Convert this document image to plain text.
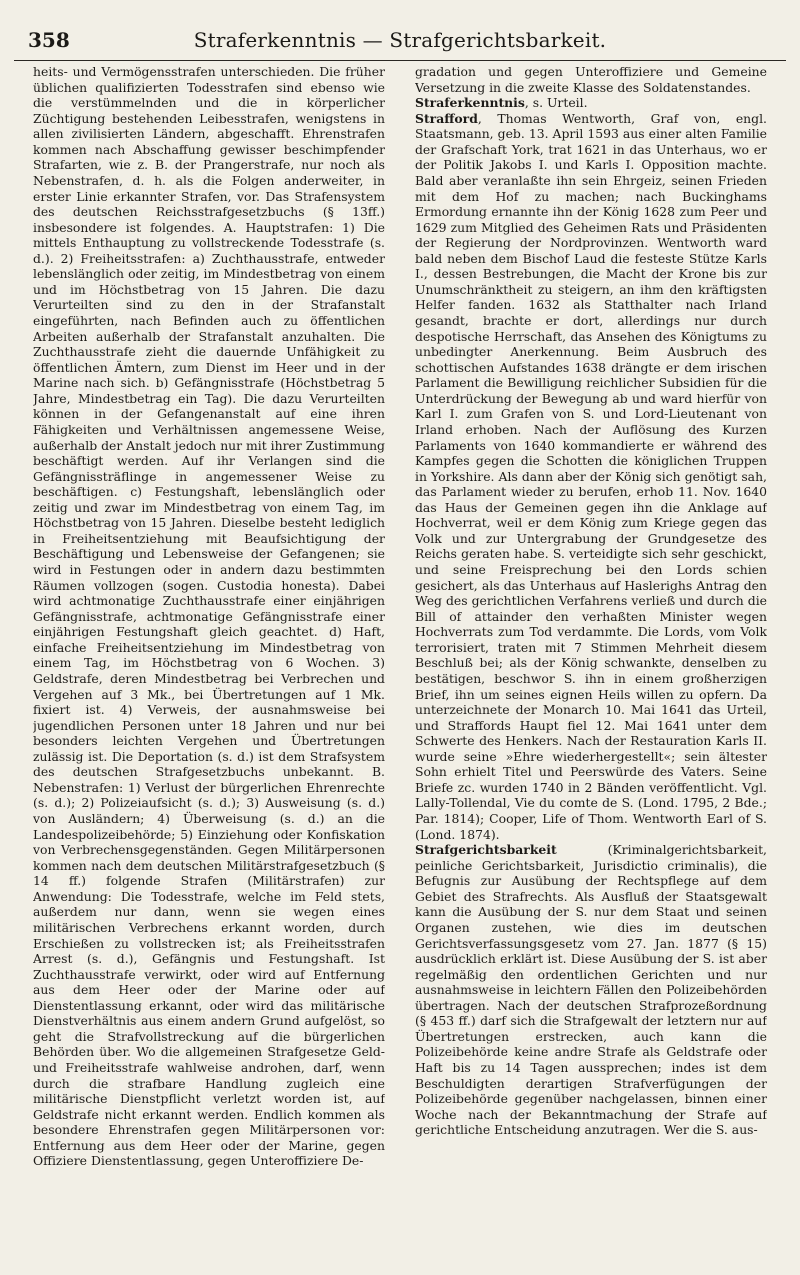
358	Straferkenntnis — Strafgerichtsbarkeit.

heits- und Vermögensstrafen unterschieden. Die früher üblichen qualifizierten Todesstrafen sind ebenso wie die verstümmelnden und die in körperlicher Züchtigung bestehenden Leibesstrafen, wenigstens in allen zivilisierten Ländern, abgeschafft. Ehrenstrafen kommen nach Abschaffung gewisser beschimpfender Strafarten, wie z. B. der Prangerstrafe, nur noch als Nebenstrafen, d. h. als die Folgen anderweiter, in erster Linie erkannter Strafen, vor. Das Strafensystem des deutschen Reichsstrafgesetzbuchs (§ 13ff.) insbesondere ist folgendes. A. Hauptstrafen: 1) Die mittels Enthauptung zu vollstreckende Todesstrafe (s. d.). 2) Freiheitsstrafen: a) Zuchthausstrafe, entweder lebenslänglich oder zeitig, im Mindestbetrag von einem und im Höchstbetrag von 15 Jahren. Die dazu Verurteilten sind zu den in der Strafanstalt eingeführten, nach Befinden auch zu öffentlichen Arbeiten außerhalb der Strafanstalt anzuhalten. Die Zuchthausstrafe zieht die dauernde Unfähigkeit zu öffentlichen Ämtern, zum Dienst im Heer und in der Marine nach sich. b) Gefängnisstrafe (Höchstbetrag 5 Jahre, Mindestbetrag ein Tag). Die dazu Verurteilten können in der Gefangenanstalt auf eine ihren Fähigkeiten und Verhältnissen angemessene Weise, außerhalb der Anstalt jedoch nur mit ihrer Zustimmung beschäftigt werden. Auf ihr Verlangen sind die Gefängnissträflinge in angemessener Weise zu beschäftigen. c) Festungshaft, lebenslänglich oder zeitig und zwar im Mindestbetrag von einem Tag, im Höchstbetrag von 15 Jahren. Dieselbe besteht lediglich in Freiheitsentziehung mit Beaufsichtigung der Beschäftigung und Lebensweise der Gefangenen; sie wird in Festungen oder in andern dazu bestimmten Räumen vollzogen (sogen. Custodia honesta). Dabei wird achtmonatige Zuchthausstrafe einer einjährigen Gefängnisstrafe, achtmonatige Gefängnisstrafe einer einjährigen Festungshaft gleich geachtet. d) Haft, einfache Freiheitsentziehung im Mindestbetrag von einem Tag, im Höchstbetrag von 6 Wochen. 3) Geldstrafe, deren Mindestbetrag bei Verbrechen und Vergehen auf 3 Mk., bei Übertretungen auf 1 Mk. fixiert ist. 4) Verweis, der ausnahmsweise bei jugendlichen Personen unter 18 Jahren und nur bei besonders leichten Vergehen und Übertretungen zulässig ist. Die Deportation (s. d.) ist dem Strafsystem des deutschen Strafgesetzbuchs unbekannt. B. Nebenstrafen: 1) Verlust der bürgerlichen Ehrenrechte (s. d.); 2) Polizeiaufsicht (s. d.); 3) Ausweisung (s. d.) von Ausländern; 4) Überweisung (s. d.) an die Landespolizeibehörde; 5) Einziehung oder Konfiskation von Verbrechensgegenständen. Gegen Militärpersonen kommen nach dem deutschen Militärstrafgesetzbuch (§ 14 ff.) folgende Strafen (Militärstrafen) zur Anwendung: Die Todesstrafe, welche im Feld stets, außerdem nur dann, wenn sie wegen eines militärischen Verbrechens erkannt worden, durch Erschießen zu vollstrecken ist; als Freiheitsstrafen Arrest (s. d.), Gefängnis und Festungshaft. Ist Zuchthausstrafe verwirkt, oder wird auf Entfernung aus dem Heer oder der Marine oder auf Dienstentlassung erkannt, oder wird das militärische Dienstverhältnis aus einem andern Grund aufgelöst, so geht die Strafvollstreckung auf die bürgerlichen Behörden über. Wo die allgemeinen Strafgesetze Geld- und Freiheitsstrafe wahlweise androhen, darf, wenn durch die strafbare Handlung zugleich eine militärische Dienstpflicht verletzt worden ist, auf Geldstrafe nicht erkannt werden. Endlich kommen als besondere Ehrenstrafen gegen Militärpersonen vor: Entfernung aus dem Heer oder der Marine, gegen Offiziere Dienstentlassung, gegen Unteroffiziere De-

gradation und gegen Unteroffiziere und Gemeine Versetzung in die zweite Klasse des Soldatenstandes.

Straferkenntnis, s. Urteil.

Strafford, Thomas Wentworth, Graf von, engl. Staatsmann, geb. 13. April 1593 aus einer alten Familie der Grafschaft York, trat 1621 in das Unterhaus, wo er der Politik Jakobs I. und Karls I. Opposition machte. Bald aber veranlaßte ihn sein Ehrgeiz, seinen Frieden mit dem Hof zu machen; nach Buckinghams Ermordung ernannte ihn der König 1628 zum Peer und 1629 zum Mitglied des Geheimen Rats und Präsidenten der Regierung der Nordprovinzen. Wentworth ward bald neben dem Bischof Laud die festeste Stütze Karls I., dessen Bestrebungen, die Macht der Krone bis zur Unumschränktheit zu steigern, an ihm den kräftigsten Helfer fanden. 1632 als Statthalter nach Irland gesandt, brachte er dort, allerdings nur durch despotische Herrschaft, das Ansehen des Königtums zu unbedingter Anerkennung. Beim Ausbruch des schottischen Aufstandes 1638 drängte er dem irischen Parlament die Bewilligung reichlicher Subsidien für die Unterdrückung der Bewegung ab und ward hierfür von Karl I. zum Grafen von S. und Lord-Lieutenant von Irland erhoben. Nach der Auflösung des Kurzen Parlaments von 1640 kommandierte er während des Kampfes gegen die Schotten die königlichen Truppen in Yorkshire. Als dann aber der König sich genötigt sah, das Parlament wieder zu berufen, erhob 11. Nov. 1640 das Haus der Gemeinen gegen ihn die Anklage auf Hochverrat, weil er dem König zum Kriege gegen das Volk und zur Untergrabung der Grundgesetze des Reichs geraten habe. S. verteidigte sich sehr geschickt, und seine Freisprechung bei den Lords schien gesichert, als das Unterhaus auf Haslerighs Antrag den Weg des gerichtlichen Verfahrens verließ und durch die Bill of attainder den verhaßten Minister wegen Hochverrats zum Tod verdammte. Die Lords, vom Volk terrorisiert, traten mit 7 Stimmen Mehrheit diesem Beschluß bei; als der König schwankte, denselben zu bestätigen, beschwor S. ihn in einem großherzigen Brief, ihn um seines eignen Heils willen zu opfern. Da unterzeichnete der Monarch 10. Mai 1641 das Urteil, und Straffords Haupt fiel 12. Mai 1641 unter dem Schwerte des Henkers. Nach der Restauration Karls II. wurde seine »Ehre wiederhergestellt«; sein ältester Sohn erhielt Titel und Peerswürde des Vaters. Seine Briefe zc. wurden 1740 in 2 Bänden veröffentlicht. Vgl. Lally-Tollendal, Vie du comte de S. (Lond. 1795, 2 Bde.; Par. 1814); Cooper, Life of Thom. Wentworth Earl of S. (Lond. 1874).

Strafgerichtsbarkeit (Kriminalgerichtsbarkeit, peinliche Gerichtsbarkeit, Jurisdictio criminalis), die Befugnis zur Ausübung der Rechtspflege auf dem Gebiet des Strafrechts. Als Ausfluß der Staatsgewalt kann die Ausübung der S. nur dem Staat und seinen Organen zustehen, wie dies im deutschen Gerichtsverfassungsgesetz vom 27. Jan. 1877 (§ 15) ausdrücklich erklärt ist. Diese Ausübung der S. ist aber regelmäßig den ordentlichen Gerichten und nur ausnahmsweise in leichtern Fällen den Polizeibehörden übertragen. Nach der deutschen Strafprozeßordnung (§ 453 ff.) darf sich die Strafgewalt der letztern nur auf Übertretungen erstrecken, auch kann die Polizeibehörde keine andre Strafe als Geldstrafe oder Haft bis zu 14 Tagen aussprechen; indes ist dem Beschuldigten derartigen Strafverfügungen der Polizeibehörde gegenüber nachgelassen, binnen einer Woche nach der Bekanntmachung der Strafe auf gerichtliche Entscheidung anzutragen. Wer die S. aus-
